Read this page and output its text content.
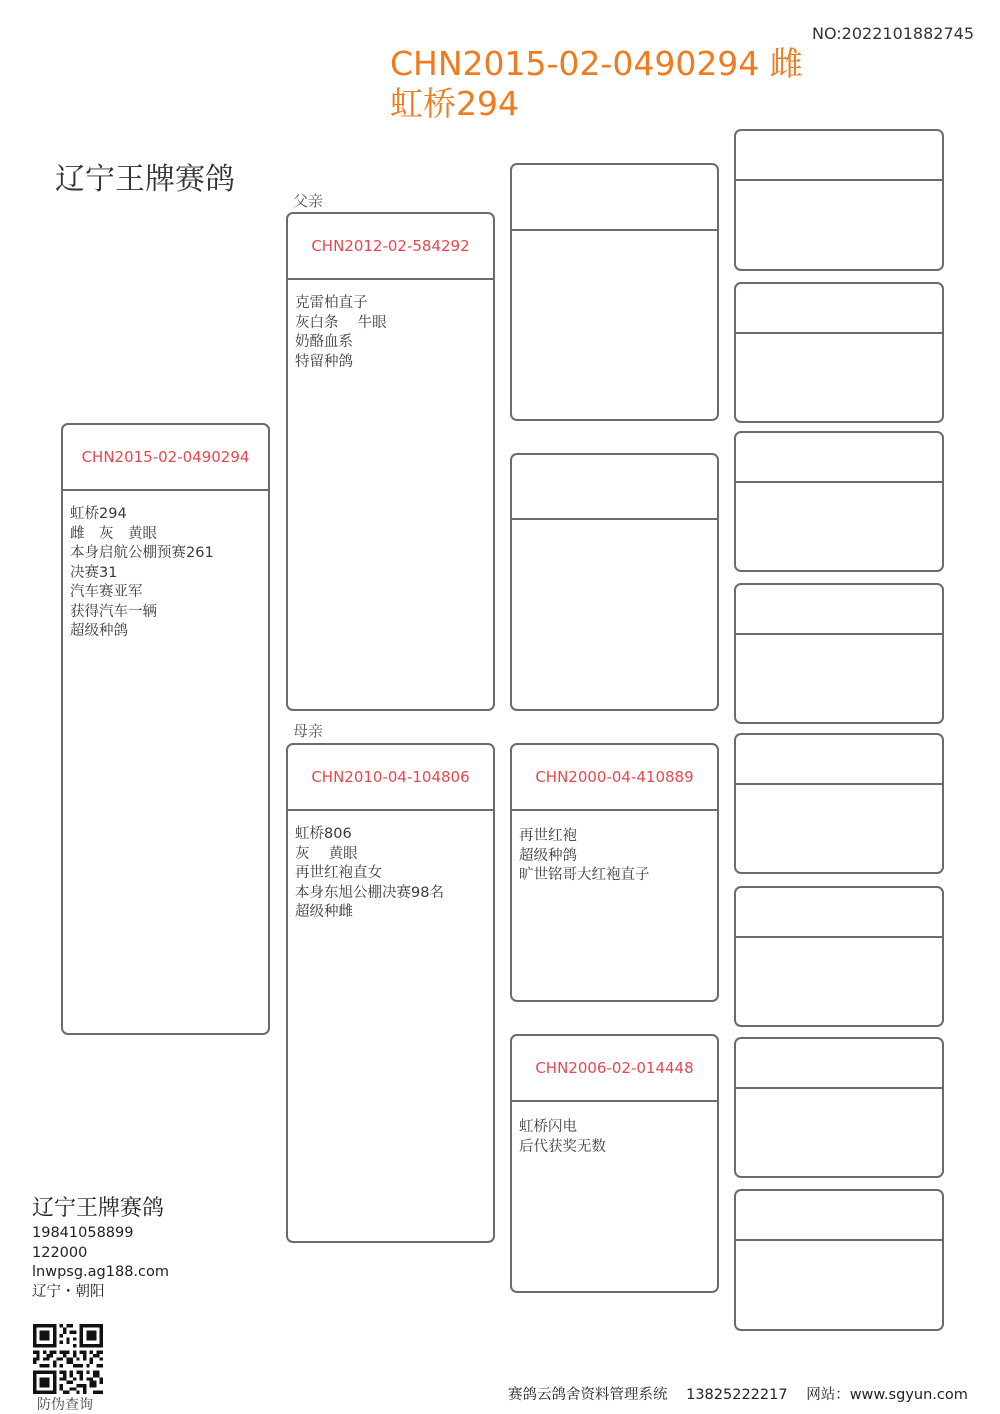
NO:2022101882745
CHN2015-02-0490294 雌
虹桥294
辽宁王牌赛鸽
CHN2015-02-0490294
虹桥294
雌　灰　黄眼
本身启航公棚预赛261
决赛31
汽车赛亚军
获得汽车一辆
超级种鸽
父亲
CHN2012-02-584292
克雷柏直子
灰白条　 牛眼
奶酪血系
特留种鸽
母亲
CHN2010-04-104806
虹桥806
灰　 黄眼
再世红袍直女
本身东旭公棚决赛98名
超级种雌
CHN2000-04-410889
再世红袍
超级种鸽
旷世铭哥大红袍直子
CHN2006-02-014448
虹桥闪电
后代获奖无数
辽宁王牌赛鸽
19841058899
122000
lnwpsg.ag188.com
辽宁・朝阳
防伪查询
赛鸽云鸽舍资料管理系统 13825222217 网站：www.sgyun.com
